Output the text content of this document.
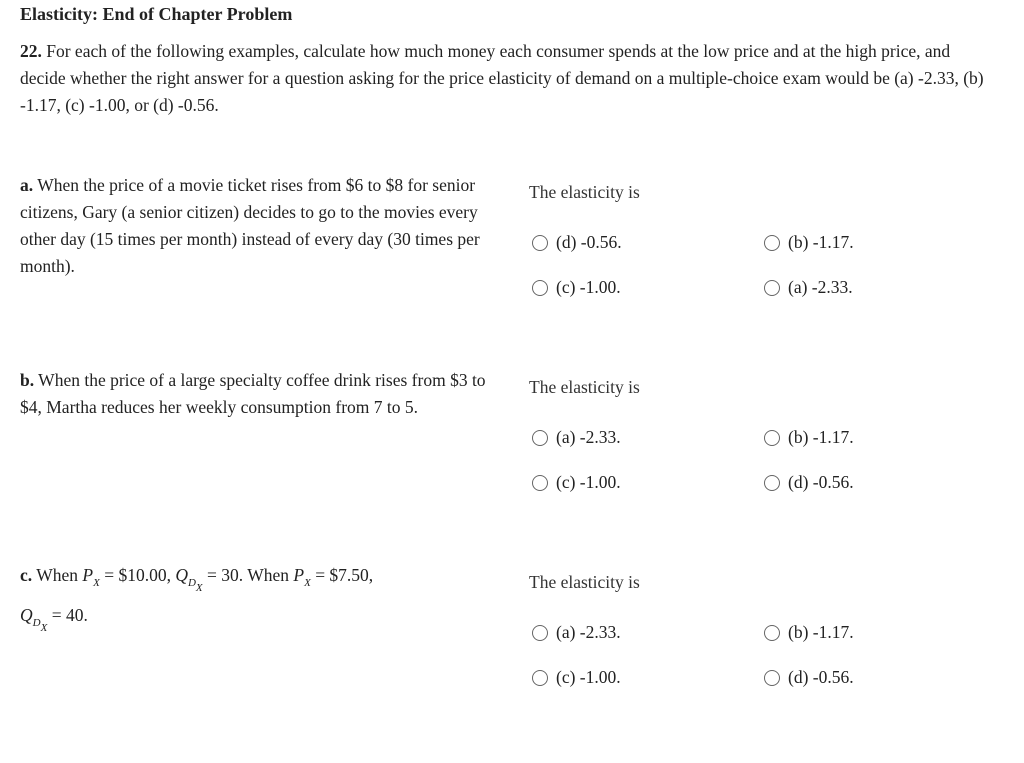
Elasticity: End of Chapter Problem

22. For each of the following examples, calculate how much money each consumer spends at the low price and at the high price, and decide whether the right answer for a question asking for the price elasticity of demand on a multiple-choice exam would be (a) -2.33, (b) -1.17, (c) -1.00, or (d) -0.56.

a. When the price of a movie ticket rises from $6 to $8 for senior citizens, Gary (a senior citizen) decides to go to the movies every other day (15 times per month) instead of every day (30 times per month).

The elasticity is

(d) -0.56.	(b) -1.17.
(c) -1.00.	(a) -2.33.

b. When the price of a large specialty coffee drink rises from $3 to $4, Martha reduces her weekly consumption from 7 to 5.

The elasticity is

(a) -2.33.	(b) -1.17.
(c) -1.00.	(d) -0.56.

c. When $P_X$ = $10.00, $Q_{D_X} = 30$. When $P_X$ = $7.50,
$Q_{D_X} = 40$.

The elasticity is

(a) -2.33.	(b) -1.17.
(c) -1.00.	(d) -0.56.
